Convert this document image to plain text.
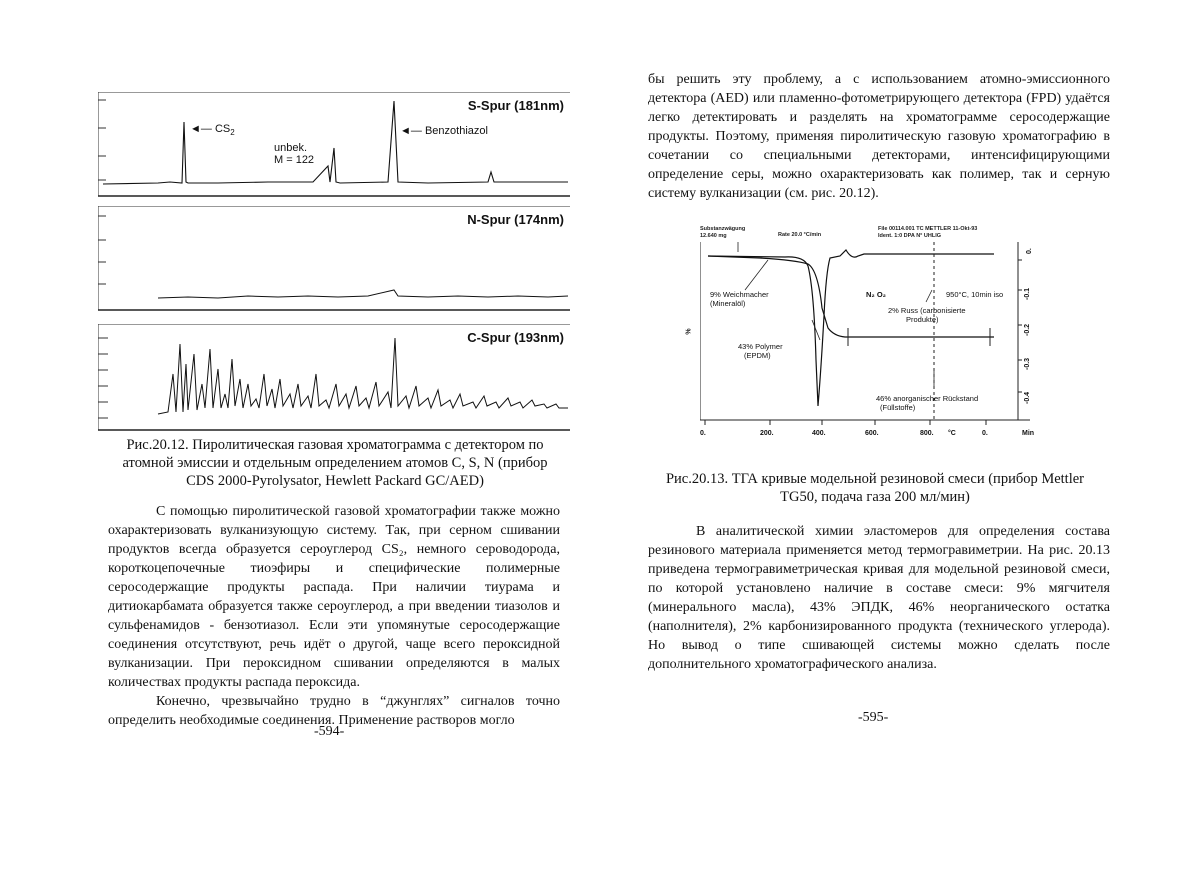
S-Spur (181nm)
◄— $CS_2$
unbek.
M = 122
◄— Benzothiazol
N-Spur (174nm)
C-Spur (193nm)
Рис.20.12. Пиролитическая газовая хроматограмма с детектором по
атомной эмиссии и отдельным определением атомов C, S, N (прибор
CDS 2000-Pyrolysator, Hewlett Packard GC/AED)

С помощью пиролитической газовой хроматографии также можно охарактеризовать вулканизующую систему. Так, при серном сшивании продуктов всегда образуется сероуглерод CS₂, немного сероводорода, короткоцепочечные тиоэфиры и специфические полимерные серосодержащие продукты распада. При наличии тиурама и дитиокарбамата образуется также сероуглерод, а при введении тиазолов и сульфенамидов - бензотиазол. Если эти упомянутые серосодержащие соединения отсутствуют, речь идёт о другой, чаще всего пероксидной вулканизации. При пероксидном сшивании определяются в малых количествах продукты распада пероксида.

Конечно, чрезвычайно трудно в “джунглях” сигналов точно определить необходимые соединения. Применение растворов могло

-594-

бы решить эту проблему, а с использованием атомно-эмиссионного детектора (AED) или пламенно-фотометрирующего детектора (FPD) удаётся легко детектировать и разделять на хроматограмме серосодержащие продукты. Поэтому, применяя пиролитическую газовую хроматографию в сочетании со специальными детекторами, интенсифицирующими определение серы, можно охарактеризовать как полимер, так и серную систему вулканизации (см. рис. 20.12).

Substanzwägung
12.640 mg	Rate 20.0 °C/min
File 00114.001 TC METTLER 11-Okt-93
Ident. 1:0 DPA N° UHLIG
9% Weichmacher
(Mineralöl)
N₂ O₂	950°C, 10min iso
2% Russ (carbonisierte
Produkte)
43% Polymer
(EPDM)
46% anorganischer Rückstand
(Füllstoffe)
%
0.	200.	400.	600.	800. °C	0.	Min
0.
-0.1
-0.2
-0.3
-0.4
Рис.20.13. ТГА кривые модельной резиновой смеси (прибор Mettler
TG50, подача газа 200 мл/мин)

В аналитической химии эластомеров для определения состава резинового материала применяется метод термогравиметрии. На рис. 20.13 приведена термогравиметрическая кривая для модельной резиновой смеси, по которой установлено наличие в составе смеси: 9% мягчителя (минерального масла), 43% ЭПДК, 46% неорганического остатка (наполнителя), 2% карбонизированного продукта (технического углерода). Но вывод о типе сшивающей системы можно сделать после дополнительного хроматографического анализа.

-595-
